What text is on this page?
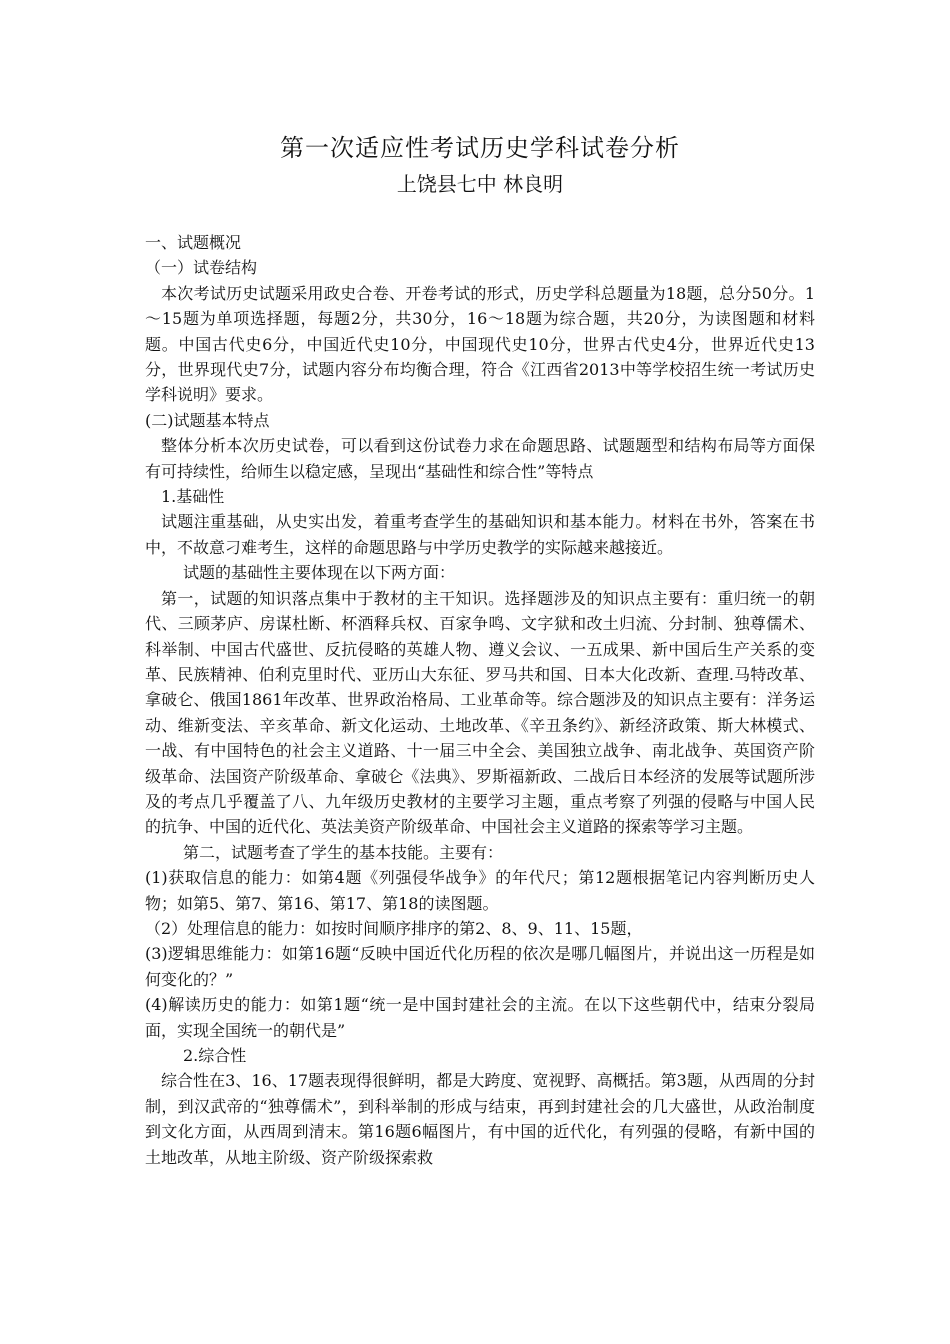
第一次适应性考试历史学科试卷分析
上饶县七中 林良明

一、试题概况

（一）试卷结构

本次考试历史试题采用政史合卷、开卷考试的形式，历史学科总题量为18题，总分50分。1～15题为单项选择题，每题2分，共30分，16～18题为综合题，共20分，为读图题和材料题。中国古代史6分，中国近代史10分，中国现代史10分，世界古代史4分，世界近代史13分，世界现代史7分，试题内容分布均衡合理，符合《江西省2013中等学校招生统一考试历史学科说明》要求。

(二)试题基本特点

整体分析本次历史试卷，可以看到这份试卷力求在命题思路、试题题型和结构布局等方面保有可持续性，给师生以稳定感，呈现出“基础性和综合性”等特点

1.基础性

试题注重基础，从史实出发，着重考查学生的基础知识和基本能力。材料在书外，答案在书中，不故意刁难考生，这样的命题思路与中学历史教学的实际越来越接近。

试题的基础性主要体现在以下两方面：

第一，试题的知识落点集中于教材的主干知识。选择题涉及的知识点主要有：重归统一的朝代、三顾茅庐、房谋杜断、杯酒释兵权、百家争鸣、文字狱和改土归流、分封制、独尊儒术、科举制、中国古代盛世、反抗侵略的英雄人物、遵义会议、一五成果、新中国后生产关系的变革、民族精神、伯利克里时代、亚历山大东征、罗马共和国、日本大化改新、查理.马特改革、拿破仑、俄国1861年改革、世界政治格局、工业革命等。综合题涉及的知识点主要有：洋务运动、维新变法、辛亥革命、新文化运动、土地改革、《辛丑条约》、新经济政策、斯大林模式、一战、有中国特色的社会主义道路、十一届三中全会、美国独立战争、南北战争、英国资产阶级革命、法国资产阶级革命、拿破仑《法典》、罗斯福新政、二战后日本经济的发展等试题所涉及的考点几乎覆盖了八、九年级历史教材的主要学习主题，重点考察了列强的侵略与中国人民的抗争、中国的近代化、英法美资产阶级革命、中国社会主义道路的探索等学习主题。

第二，试题考查了学生的基本技能。主要有：

(1)获取信息的能力：如第4题《列强侵华战争》的年代尺；第12题根据笔记内容判断历史人物；如第5、第7、第16、第17、第18的读图题。

（2）处理信息的能力：如按时间顺序排序的第2、8、9、11、15题，

(3)逻辑思维能力：如第16题“反映中国近代化历程的依次是哪几幅图片，并说出这一历程是如何变化的？”

(4)解读历史的能力：如第1题“统一是中国封建社会的主流。在以下这些朝代中，结束分裂局面，实现全国统一的朝代是”

2.综合性

综合性在3、16、17题表现得很鲜明，都是大跨度、宽视野、高概括。第3题，从西周的分封制，到汉武帝的“独尊儒术”，到科举制的形成与结束，再到封建社会的几大盛世，从政治制度到文化方面，从西周到清末。第16题6幅图片，有中国的近代化，有列强的侵略，有新中国的土地改革，从地主阶级、资产阶级探索救
